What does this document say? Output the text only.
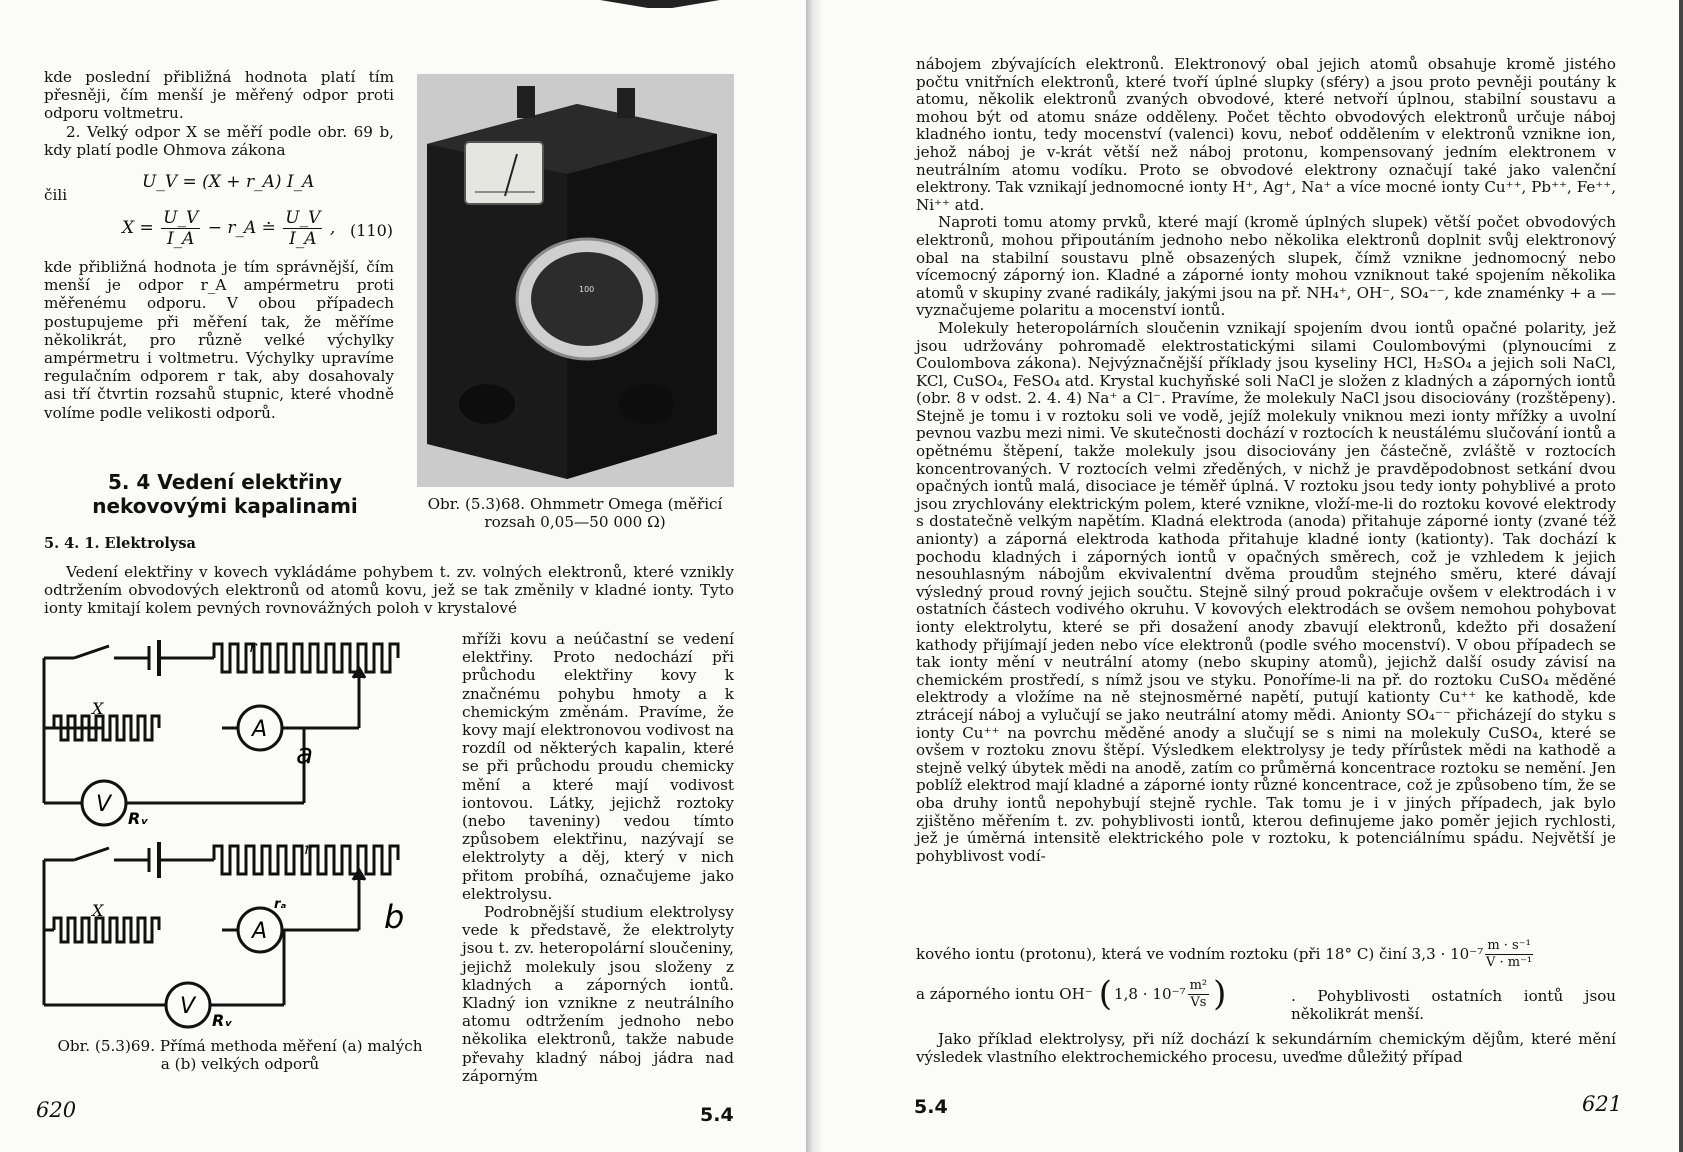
kde poslední přibližná hodnota platí tím přesněji, čím menší je měřený odpor proti odporu voltmetru.

2. Velký odpor X se měří podle obr. 69 b, kdy platí podle Ohmova zákona

U_V = (X + r_A) I_A
čili
$X = \frac{U\_V}{I\_A}$ − r_A ≐ $\frac{U\_V}{I\_A}$ , (110)

kde přibližná hodnota je tím správnější, čím menší je odpor r_A ampérmetru proti měřenému odporu. V obou případech postupujeme při měření tak, že měříme několikrát, pro různě velké výchylky ampérmetru i voltmetru. Výchylky upravíme regulačním odporem r tak, aby dosahovaly asi tří čtvrtin rozsahů stupnic, které vhodně volíme podle velikosti odporů.

5. 4 Vedení elektřiny
nekovovými kapalinami
5. 4. 1. Elektrolysa
100
Obr. (5.3)68. Ohmmetr Omega (měřicí
rozsah 0,05—50 000 Ω)

Vedení elektřiny v kovech vykládáme pohybem t. zv. volných elektronů, které vznikly odtržením obvodových elektronů od atomů kovu, jež se tak změnily v kladné ionty. Tyto ionty kmitají kolem pevných rovnovážných poloh v krystalové

mříži kovu a neúčastní se vedení elektřiny. Proto nedochází při průchodu elektřiny kovy k značnému pohybu hmoty a k chemickým změnám. Pravíme, že kovy mají elektronovou vodivost na rozdíl od některých kapalin, které se při průchodu proudu chemicky mění a které mají vodivost iontovou. Látky, jejichž roztoky (nebo taveniny) vedou tímto způsobem elektřinu, nazývají se elektrolyty a děj, který v nich přitom probíhá, označujeme jako elektrolysu.

Podrobnější studium elektrolysy vede k představě, že elektrolyty jsou t. zv. heteropolární sloučeniny, jejichž molekuly jsou složeny z kladných a záporných iontů. Kladný ion vznikne z neutrálního atomu odtržením jednoho nebo několika elektronů, takže nabude převahy kladný náboj jádra nad záporným

r
X
A
V
Rᵥ
a
r
X
A
rₐ
V
Rᵥ
b
Obr. (5.3)69. Přímá methoda měření (a) malých
a (b) velkých odporů
620	5.4

nábojem zbývajících elektronů. Elektronový obal jejich atomů obsahuje kromě jistého počtu vnitřních elektronů, které tvoří úplné slupky (sféry) a jsou proto pevněji poutány k atomu, několik elektronů zvaných obvodové, které netvoří úplnou, stabilní soustavu a mohou být od atomu snáze odděleny. Počet těchto obvodových elektronů určuje náboj kladného iontu, tedy mocenství (valenci) kovu, neboť oddělením v elektronů vznikne ion, jehož náboj je v-krát větší než náboj protonu, kompensovaný jedním elektronem v neutrálním atomu vodíku. Proto se obvodové elektrony označují také jako valenční elektrony. Tak vznikají jednomocné ionty H⁺, Ag⁺, Na⁺ a více mocné ionty Cu⁺⁺, Pb⁺⁺, Fe⁺⁺, Ni⁺⁺ atd.

Naproti tomu atomy prvků, které mají (kromě úplných slupek) větší počet obvodových elektronů, mohou připoutáním jednoho nebo několika elektronů doplnit svůj elektronový obal na stabilní soustavu plně obsazených slupek, čímž vznikne jednomocný nebo vícemocný záporný ion. Kladné a záporné ionty mohou vzniknout také spojením několika atomů v skupiny zvané radikály, jakými jsou na př. NH₄⁺, OH⁻, SO₄⁻⁻, kde znaménky + a — vyznačujeme polaritu a mocenství iontů.

Molekuly heteropolárních sloučenin vznikají spojením dvou iontů opačné polarity, jež jsou udržovány pohromadě elektrostatickými silami Coulombovými (plynoucími z Coulombova zákona). Nejvýznačnější příklady jsou kyseliny HCl, H₂SO₄ a jejich soli NaCl, KCl, CuSO₄, FeSO₄ atd. Krystal kuchyňské soli NaCl je složen z kladných a záporných iontů (obr. 8 v odst. 2. 4. 4) Na⁺ a Cl⁻. Pravíme, že molekuly NaCl jsou disociovány (rozštěpeny). Stejně je tomu i v roztoku soli ve vodě, jejíž molekuly vniknou mezi ionty mřížky a uvolní pevnou vazbu mezi nimi. Ve skutečnosti dochází v roztocích k neustálému slučování iontů a opětnému štěpení, takže molekuly jsou disociovány jen částečně, zvláště v roztocích koncentrovaných. V roztocích velmi zředěných, v nichž je pravděpodobnost setkání dvou opačných iontů malá, disociace je téměř úplná. V roztoku jsou tedy ionty pohyblivé a proto jsou zrychlovány elektrickým polem, které vznikne, vloží-me-li do roztoku kovové elektrody s dostatečně velkým napětím. Kladná elektroda (anoda) přitahuje záporné ionty (zvané též anionty) a záporná elektroda kathoda přitahuje kladné ionty (kationty). Tak dochází k pochodu kladných i záporných iontů v opačných směrech, což je vzhledem k jejich nesouhlasným nábojům ekvivalentní dvěma proudům stejného směru, které dávají výsledný proud rovný jejich součtu. Stejně silný proud pokračuje ovšem v elektrodách i v ostatních částech vodivého okruhu. V kovových elektrodách se ovšem nemohou pohybovat ionty elektrolytu, které se při dosažení anody zbavují elektronů, kdežto při dosažení kathody přijímají jeden nebo více elektronů (podle svého mocenství). V obou případech se tak ionty mění v neutrální atomy (nebo skupiny atomů), jejichž další osudy závisí na chemickém prostředí, s nímž jsou ve styku. Ponoříme-li na př. do roztoku CuSO₄ měděné elektrody a vložíme na ně stejnosměrné napětí, putují kationty Cu⁺⁺ ke kathodě, kde ztrácejí náboj a vylučují se jako neutrální atomy mědi. Anionty SO₄⁻⁻ přicházejí do styku s ionty Cu⁺⁺ na povrchu měděné anody a slučují se s nimi na molekuly CuSO₄, které se ovšem v roztoku znovu štěpí. Výsledkem elektrolysy je tedy přírůstek mědi na kathodě a stejně velký úbytek mědi na anodě, zatím co průměrná koncentrace roztoku se nemění. Jen poblíž elektrod mají kladné a záporné ionty různé koncentrace, což je způsobeno tím, že se oba druhy iontů nepohybují stejně rychle. Tak tomu je i v jiných případech, jak bylo zjištěno měřením t. zv. pohyblivosti iontů, kterou definujeme jako poměr jejich rychlosti, jež je úměrná intensitě elektrického pole v roztoku, k potenciálnímu spádu. Největší je pohyblivost vodí-

kového iontu (protonu), která ve vodním roztoku (při 18° C) činí $3,3 \cdot 10^{-7} \frac{\text{m · s⁻¹}}{\text{V · m⁻¹}}$
a záporného iontu OH⁻ ( $1,8 \cdot 10^{-7} \frac{\text{m²}}{Vs}$ )	. Pohyblivosti ostatních iontů jsou několikrát menší.

Jako příklad elektrolysy, při níž dochází k sekundárním chemickým dějům, které mění výsledek vlastního elektrochemického procesu, uveďme důležitý případ

5.4	621
